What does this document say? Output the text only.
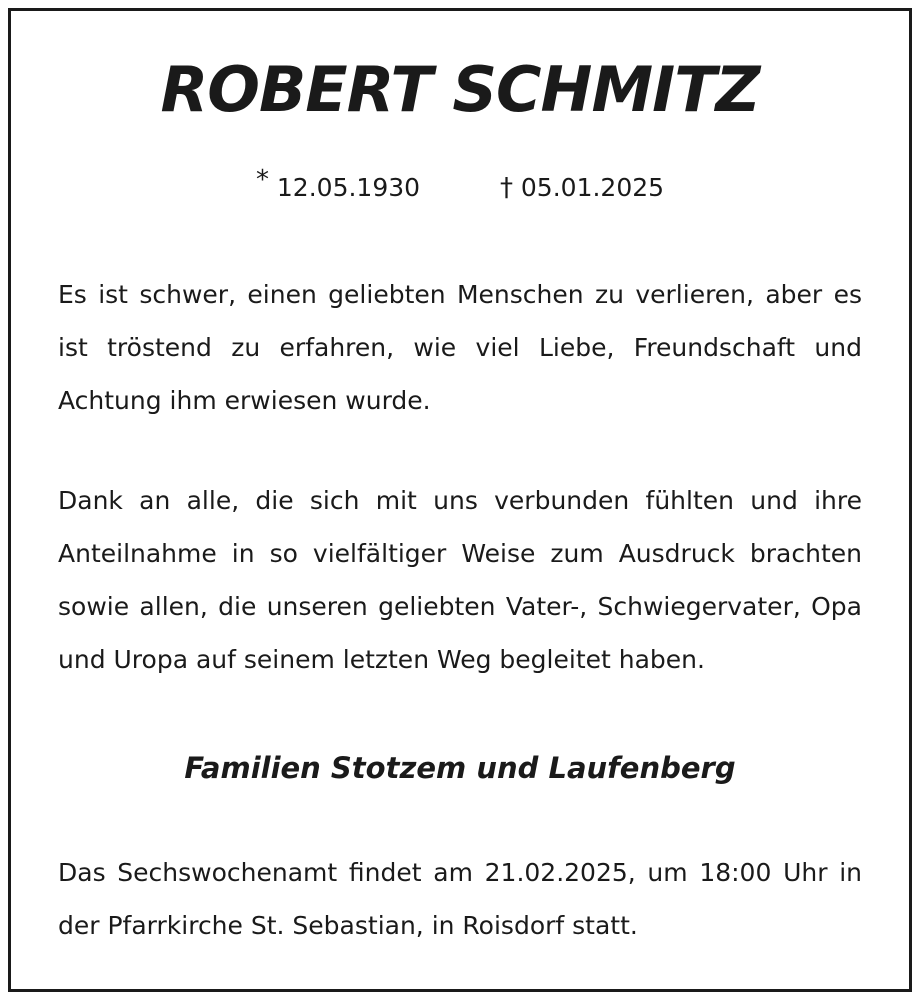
ROBERT SCHMITZ
* 12.05.1930	† 05.01.2025
Es ist schwer, einen geliebten Menschen zu verlieren, aber es ist tröstend zu erfahren, wie viel Liebe, Freundschaft und Achtung ihm erwiesen wurde.
Dank an alle, die sich mit uns verbunden fühlten und ihre Anteilnahme in so vielfältiger Weise zum Ausdruck brachten sowie allen, die unseren geliebten Vater-, Schwiegervater, Opa und Uropa auf seinem letzten Weg begleitet haben.
Familien Stotzem und Laufenberg
Das Sechswochenamt findet am 21.02.2025, um 18:00 Uhr in der Pfarrkirche St. Sebastian, in Roisdorf statt.
